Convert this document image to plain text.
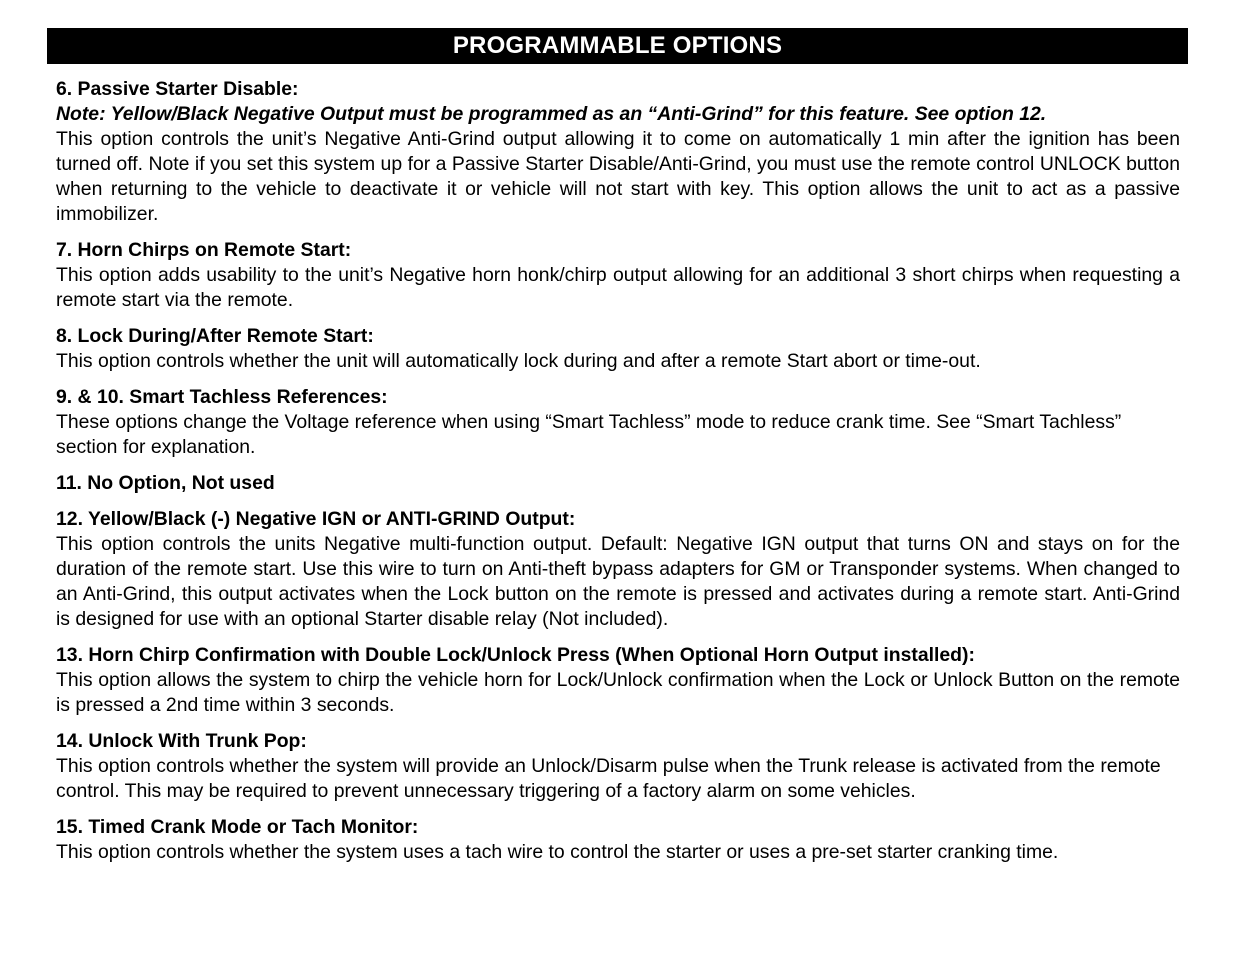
PROGRAMMABLE OPTIONS
6. Passive Starter Disable:
Note: Yellow/Black Negative Output must be programmed as an “Anti-Grind” for this feature. See option 12.
This option controls the unit’s Negative Anti-Grind output allowing it to come on automatically 1 min after the ignition has been turned off. Note if you set this system up for a Passive Starter Disable/Anti-Grind, you must use the remote control UNLOCK button when returning to the vehicle to deactivate it or vehicle will not start with key. This option allows the unit to act as a passive immobilizer.
7. Horn Chirps on Remote Start:
This option adds usability to the unit’s Negative horn honk/chirp output allowing for an additional 3 short chirps when requesting a remote start via the remote.
8. Lock During/After Remote Start:
This option controls whether the unit will automatically lock during and after a remote Start abort or time-out.
9. & 10. Smart Tachless References:
These options change the Voltage reference when using “Smart Tachless” mode to reduce crank time. See “Smart Tachless” section for explanation.
11. No Option, Not used
12. Yellow/Black (-) Negative IGN or ANTI-GRIND Output:
This option controls the units Negative multi-function output. Default: Negative IGN output that turns ON and stays on for the duration of the remote start. Use this wire to turn on Anti-theft bypass adapters for GM or Transponder systems. When changed to an Anti-Grind, this output activates when the Lock button on the remote is pressed and activates during a remote start. Anti-Grind is designed for use with an optional Starter disable relay (Not included).
13. Horn Chirp Confirmation with Double Lock/Unlock Press (When Optional Horn Output installed):
This option allows the system to chirp the vehicle horn for Lock/Unlock confirmation when the Lock or Unlock Button on the remote is pressed a 2nd time within 3 seconds.
14. Unlock With Trunk Pop:
This option controls whether the system will provide an Unlock/Disarm pulse when the Trunk release is activated from the remote control. This may be required to prevent unnecessary triggering of a factory alarm on some vehicles.
15. Timed Crank Mode or Tach Monitor:
This option controls whether the system uses a tach wire to control the starter or uses a pre-set starter cranking time.
